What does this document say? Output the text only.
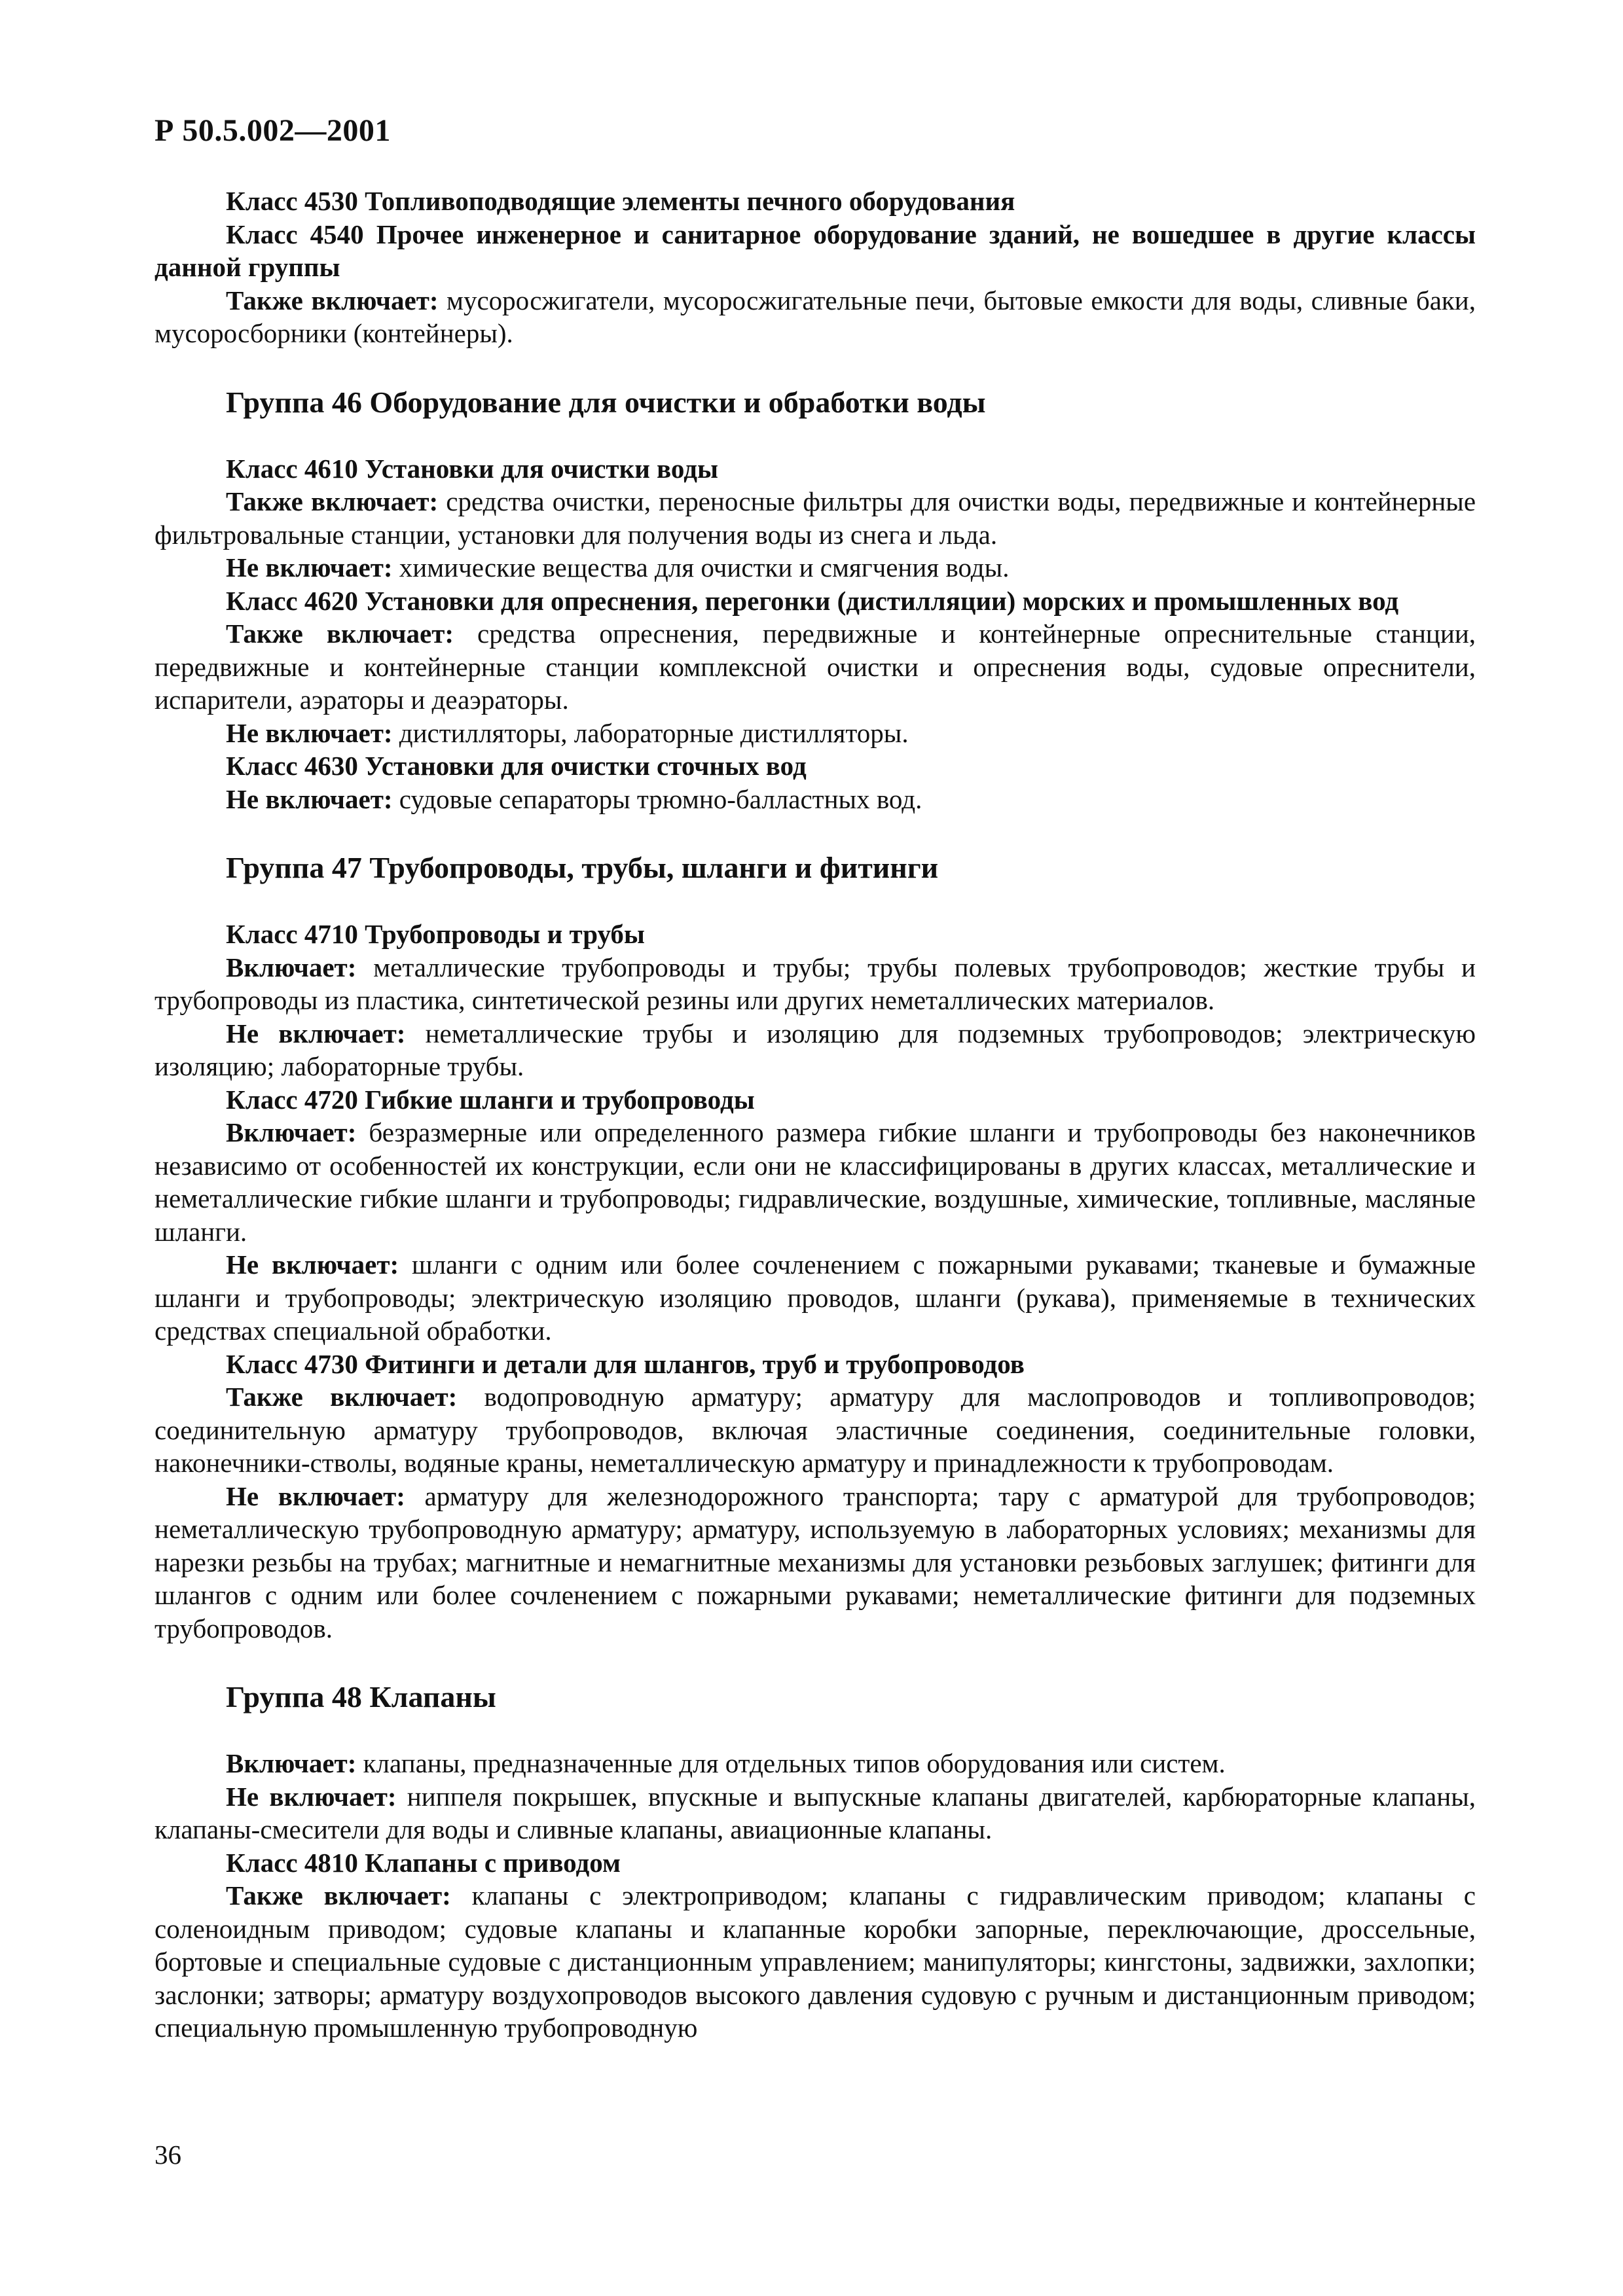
Р 50.5.002—2001

Класс 4530 Топливоподводящие элементы печного оборудования

Класс 4540 Прочее инженерное и санитарное оборудование зданий, не вошедшее в другие классы данной группы

Также включает: мусоросжигатели, мусоросжигательные печи, бытовые емкости для воды, сливные баки, мусоросборники (контейнеры).

Группа 46 Оборудование для очистки и обработки воды

Класс 4610 Установки для очистки воды

Также включает: средства очистки, переносные фильтры для очистки воды, передвижные и контейнерные фильтровальные станции, установки для получения воды из снега и льда.

Не включает: химические вещества для очистки и смягчения воды.

Класс 4620 Установки для опреснения, перегонки (дистилляции) морских и промышленных вод

Также включает: средства опреснения, передвижные и контейнерные опреснительные станции, передвижные и контейнерные станции комплексной очистки и опреснения воды, судовые опреснители, испарители, аэраторы и деаэраторы.

Не включает: дистилляторы, лабораторные дистилляторы.

Класс 4630 Установки для очистки сточных вод

Не включает: судовые сепараторы трюмно-балластных вод.

Группа 47 Трубопроводы, трубы, шланги и фитинги

Класс 4710 Трубопроводы и трубы

Включает: металлические трубопроводы и трубы; трубы полевых трубопроводов; жесткие трубы и трубопроводы из пластика, синтетической резины или других неметаллических материалов.

Не включает: неметаллические трубы и изоляцию для подземных трубопроводов; электрическую изоляцию; лабораторные трубы.

Класс 4720 Гибкие шланги и трубопроводы

Включает: безразмерные или определенного размера гибкие шланги и трубопроводы без наконечников независимо от особенностей их конструкции, если они не классифицированы в других классах, металлические и неметаллические гибкие шланги и трубопроводы; гидравлические, воздушные, химические, топливные, масляные шланги.

Не включает: шланги с одним или более сочленением с пожарными рукавами; тканевые и бумажные шланги и трубопроводы; электрическую изоляцию проводов, шланги (рукава), применяемые в технических средствах специальной обработки.

Класс 4730 Фитинги и детали для шлангов, труб и трубопроводов

Также включает: водопроводную арматуру; арматуру для маслопроводов и топливопроводов; соединительную арматуру трубопроводов, включая эластичные соединения, соединительные головки, наконечники-стволы, водяные краны, неметаллическую арматуру и принадлежности к трубопроводам.

Не включает: арматуру для железнодорожного транспорта; тару с арматурой для трубопроводов; неметаллическую трубопроводную арматуру; арматуру, используемую в лабораторных условиях; механизмы для нарезки резьбы на трубах; магнитные и немагнитные механизмы для установки резьбовых заглушек; фитинги для шлангов с одним или более сочленением с пожарными рукавами; неметаллические фитинги для подземных трубопроводов.

Группа 48 Клапаны

Включает: клапаны, предназначенные для отдельных типов оборудования или систем.

Не включает: ниппеля покрышек, впускные и выпускные клапаны двигателей, карбюраторные клапаны, клапаны-смесители для воды и сливные клапаны, авиационные клапаны.

Класс 4810 Клапаны с приводом

Также включает: клапаны с электроприводом; клапаны с гидравлическим приводом; клапаны с соленоидным приводом; судовые клапаны и клапанные коробки запорные, переключающие, дроссельные, бортовые и специальные судовые с дистанционным управлением; манипуляторы; кингстоны, задвижки, захлопки; заслонки; затворы; арматуру воздухопроводов высокого давления судовую с ручным и дистанционным приводом; специальную промышленную трубопроводную

36
